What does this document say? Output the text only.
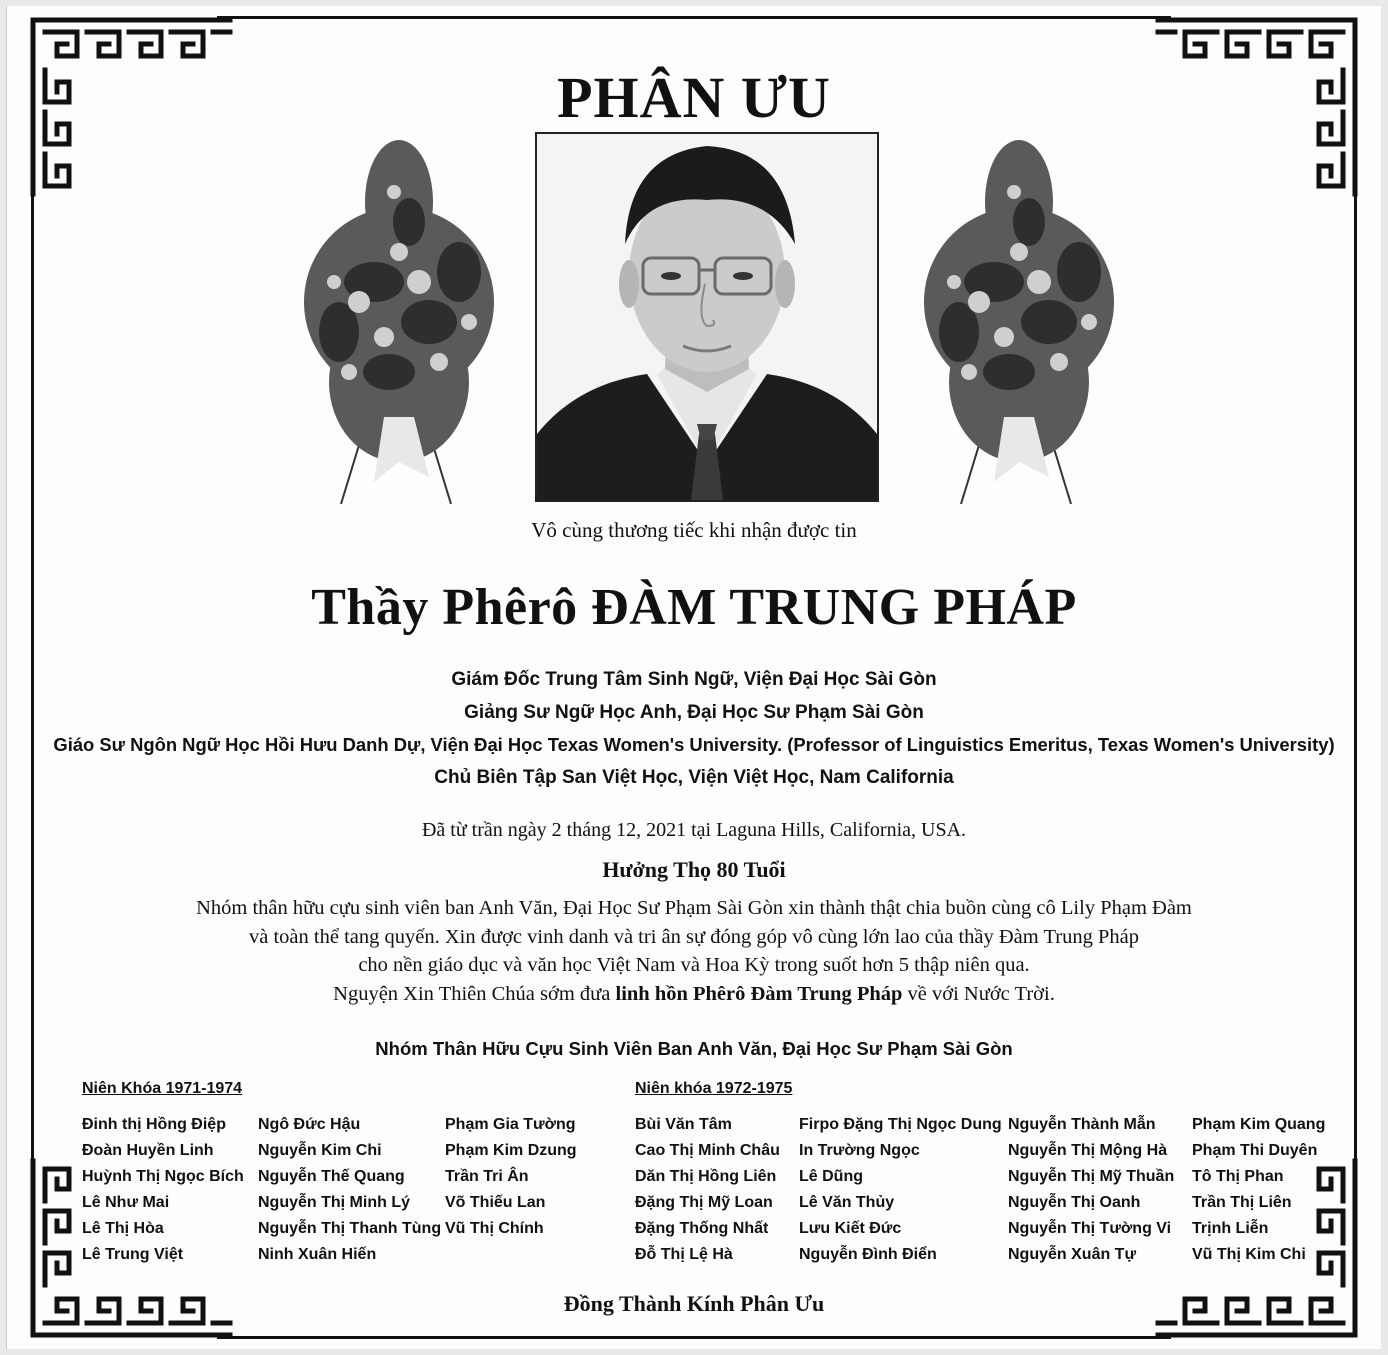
PHÂN ƯU
Vô cùng thương tiếc khi nhận được tin
Thầy Phêrô ĐÀM TRUNG PHÁP
Giám Đốc Trung Tâm Sinh Ngữ, Viện Đại Học Sài Gòn
Giảng Sư Ngữ Học Anh, Đại Học Sư Phạm Sài Gòn
Giáo Sư Ngôn Ngữ Học Hồi Hưu Danh Dự, Viện Đại Học Texas Women's University. (Professor of Linguistics Emeritus, Texas Women's University)
Chủ Biên Tập San Việt Học, Viện Việt Học, Nam California
Đã từ trần ngày 2 tháng 12, 2021 tại Laguna Hills, California, USA.
Hưởng Thọ 80 Tuổi
Nhóm thân hữu cựu sinh viên ban Anh Văn, Đại Học Sư Phạm Sài Gòn xin thành thật chia buồn cùng cô Lily Phạm Đàm
và toàn thể tang quyến. Xin được vinh danh và tri ân sự đóng góp vô cùng lớn lao của thầy Đàm Trung Pháp
cho nền giáo dục và văn học Việt Nam và Hoa Kỳ trong suốt hơn 5 thập niên qua.
Nguyện Xin Thiên Chúa sớm đưa linh hồn Phêrô Đàm Trung Pháp về với Nước Trời.
Nhóm Thân Hữu Cựu Sinh Viên Ban Anh Văn, Đại Học Sư Phạm Sài Gòn
Niên Khóa 1971-1974	Niên khóa 1972-1975
Đinh thị Hồng Điệp
Đoàn Huyền Linh
Huỳnh Thị Ngọc Bích
Lê Như Mai
Lê Thị Hòa
Lê Trung Việt
Ngô Đức Hậu
Nguyễn Kim Chi
Nguyễn Thế Quang
Nguyễn Thị Minh Lý
Nguyễn Thị Thanh Tùng
Ninh Xuân Hiến
Phạm Gia Tường
Phạm Kim Dzung
Trần Tri Ân
Võ Thiếu Lan
Vũ Thị Chính
Bùi Văn Tâm
Cao Thị Minh Châu
Dăn Thị Hồng Liên
Đặng Thị Mỹ Loan
Đặng Thống Nhất
Đỗ Thị Lệ Hà
Firpo Đặng Thị Ngọc Dung
In Trường Ngọc
Lê Dũng
Lê Văn Thủy
Lưu Kiết Đức
Nguyễn Đình Điển
Nguyễn Thành Mẫn
Nguyễn Thị Mộng Hà
Nguyễn Thị Mỹ Thuần
Nguyễn Thị Oanh
Nguyễn Thị Tường Vi
Nguyễn Xuân Tự
Phạm Kim Quang
Phạm Thi Duyên
Tô Thị Phan
Trần Thị Liên
Trịnh Liễn
Vũ Thị Kim Chi
Đồng Thành Kính Phân Ưu
